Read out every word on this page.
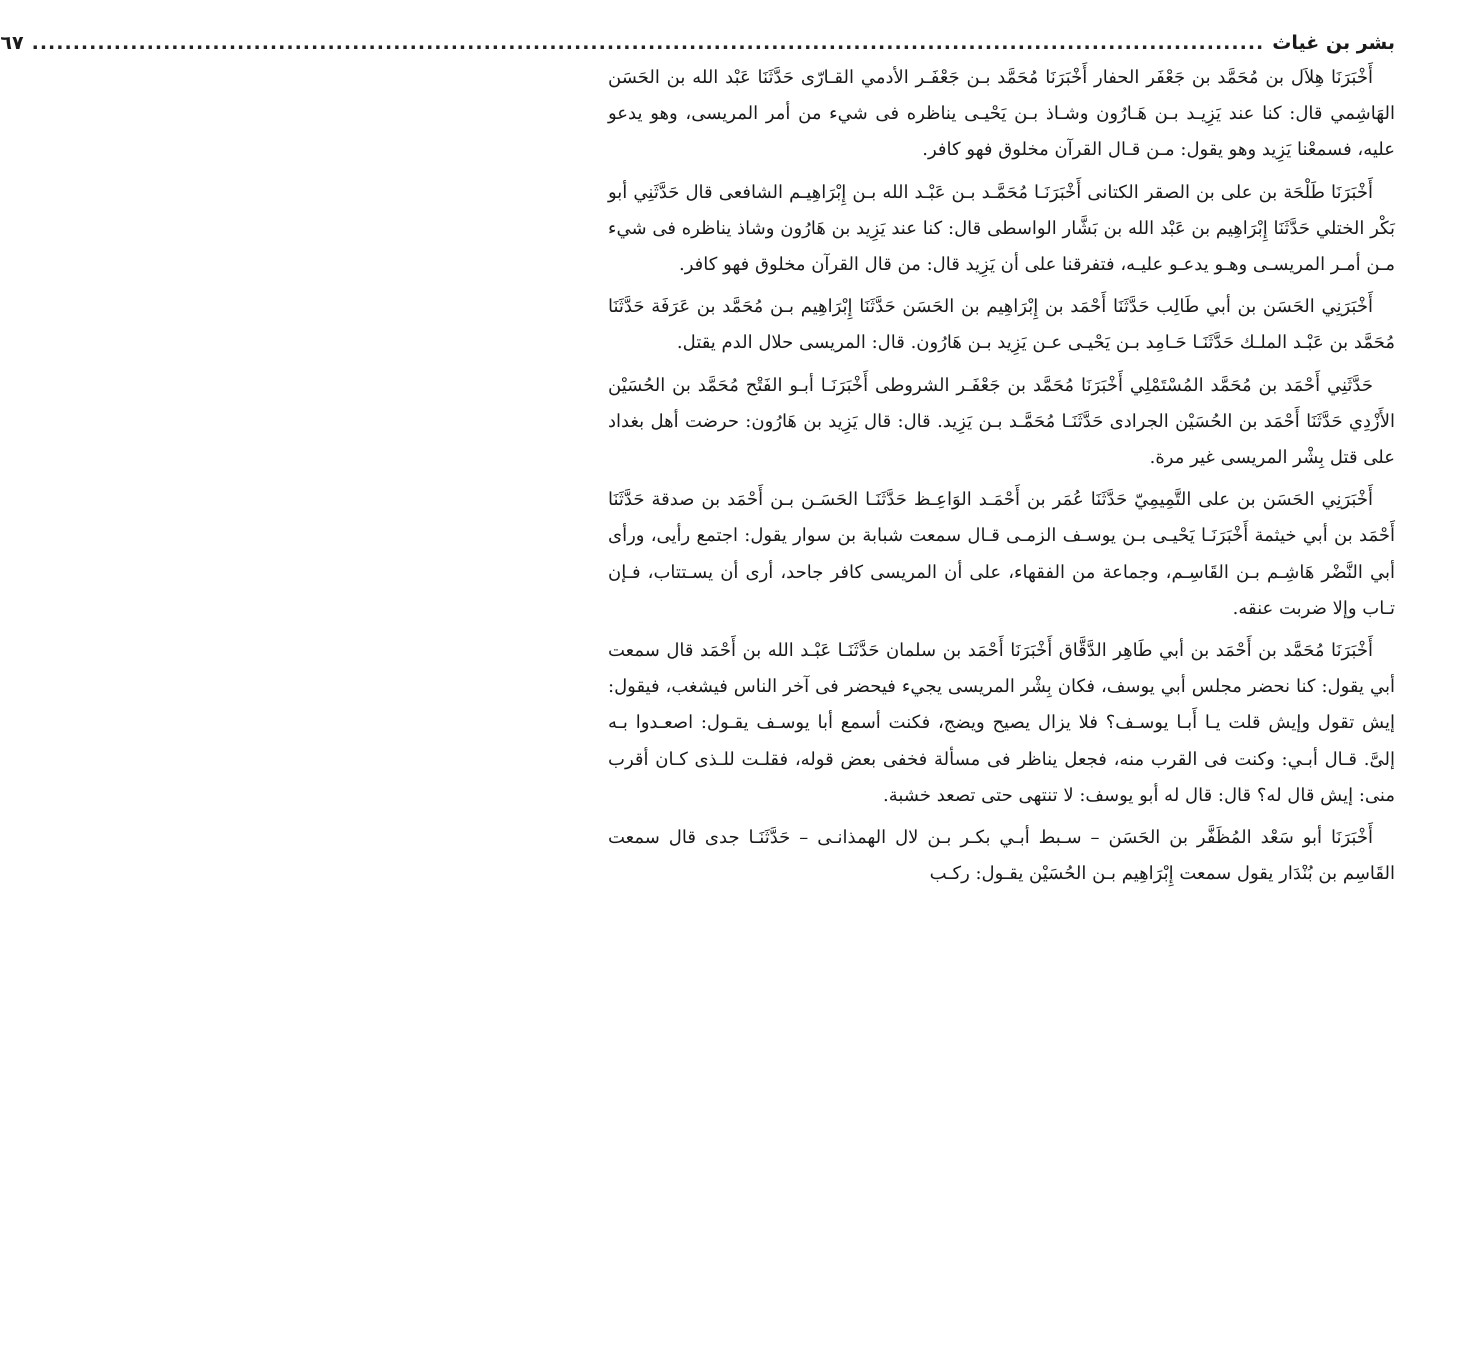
بشر بن غياث
......................................................................................................................................................
٦٧

أَخْبَرَنَا هِلاَل بن مُحَمَّد بن جَعْفَر الحفار أَخْبَرَنَا مُحَمَّد بـن جَعْفَـر الأدمي القـارّى حَدَّثَنَا عَبْد الله بن الحَسَن الهَاشِمي قال: كنا عند يَزِيـد بـن هَـارُون وشـاذ بـن يَحْيـى يناظره فى شيء من أمر المريسى، وهو يدعو عليه، فسمعْنا يَزِيد وهو يقول: مـن قـال القرآن مخلوق فهو كافر.

أَخْبَرَنَا طَلْحَة بن على بن الصقر الكتانى أَخْبَرَنَـا مُحَمَّـد بـن عَبْـد الله بـن إِبْرَاهِيـم الشافعى قال حَدَّثَنِي أبو بَكْر الختلي حَدَّثَنَا إِبْرَاهِيم بن عَبْد الله بن بَشَّار الواسطى قال: كنا عند يَزِيد بن هَارُون وشاذ يناظره فى شيء مـن أمـر المريسـى وهـو يدعـو عليـه، فتفرقنا على أن يَزِيد قال: من قال القرآن مخلوق فهو كافر.

أَخْبَرَنِي الحَسَن بن أبي طَالِب حَدَّثَنَا أَحْمَد بن إِبْرَاهِيم بن الحَسَن حَدَّثَنَا إِبْرَاهِيم بـن مُحَمَّد بن عَرَفَة حَدَّثَنَا مُحَمَّد بن عَبْـد الملـك حَدَّثَنَـا حَـامِد بـن يَحْيـى عـن يَزِيد بـن هَارُون. قال: المريسى حلال الدم يقتل.

حَدَّثَنِي أَحْمَد بن مُحَمَّد المُسْتَمْلِي أَخْبَرَنَا مُحَمَّد بن جَعْفَـر الشروطى أَخْبَرَنَـا أبـو الفَتْح مُحَمَّد بن الحُسَيْن الأَزْدِي حَدَّثَنَا أَحْمَد بن الحُسَيْن الجرادى حَدَّثَنَـا مُحَمَّـد بـن يَزِيد. قال: قال يَزِيد بن هَارُون: حرضت أهل بغداد على قتل بِشْر المريسى غير مرة.

أَخْبَرَنِي الحَسَن بن على التَّمِيمِيّ حَدَّثَنَا عُمَر بن أَحْمَـد الوَاعِـظ حَدَّثَنَـا الحَسَـن بـن أَحْمَد بن صدقة حَدَّثَنَا أَحْمَد بن أبي خيثمة أَخْبَرَنَـا يَحْيـى بـن يوسـف الزمـى قـال سمعت شبابة بن سوار يقول: اجتمع رأيى، ورأى أبي النَّضْر هَاشِـم بـن القَاسِـم، وجماعة من الفقهاء، على أن المريسى كافر جاحد، أرى أن يسـتتاب، فـإن تـاب وإلا ضربت عنقه.

أَخْبَرَنَا مُحَمَّد بن أَحْمَد بن أبي طَاهِر الدَّقَّاق أَخْبَرَنَا أَحْمَد بن سلمان حَدَّثَنَـا عَبْـد الله بن أَحْمَد قال سمعت أبي يقول: كنا نحضر مجلس أبي يوسف، فكان بِشْر المريسى يجيء فيحضر فى آخر الناس فيشغب، فيقول: إيش تقول وإيش قلت يـا أَبـا يوسـف؟ فلا يزال يصيح ويضج، فكنت أسمع أبا يوسـف يقـول: اصعـدوا بـه إلىَّ. قـال أبـي: وكنت فى القرب منه، فجعل يناظر فى مسألة فخفى بعض قوله، فقلـت للـذى كـان أقرب منى: إيش قال له؟ قال: قال له أبو يوسف: لا تنتهى حتى تصعد خشبة.

أَخْبَرَنَا أبو سَعْد المُظَفَّر بن الحَسَن – سـبط أبـي بكـر بـن لال الهمذانـى – حَدَّثَنَـا جدى قال سمعت القَاسِم بن بُنْدَار يقول سمعت إِبْرَاهِيم بـن الحُسَيْن يقـول: ركـب
